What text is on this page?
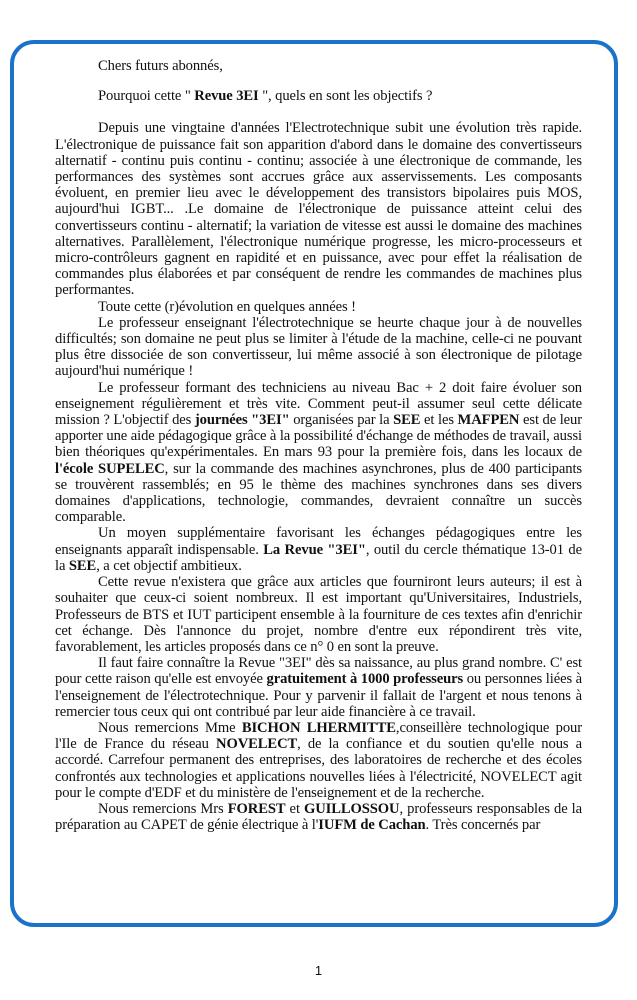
Chers futurs abonnés,

Pourquoi cette " Revue 3EI ", quels en sont les objectifs ?

Depuis une vingtaine d'années l'Electrotechnique subit une évolution très rapide. L'électronique de puissance fait son apparition d'abord dans le domaine des convertisseurs alternatif - continu puis continu - continu; associée à une électronique de commande, les performances des systèmes sont accrues grâce aux asservissements. Les composants évoluent, en premier lieu avec le développement des transistors bipolaires puis MOS, aujourd'hui IGBT... .Le domaine de l'électronique de puissance atteint celui des convertisseurs continu - alternatif; la variation de vitesse est aussi le domaine des machines alternatives. Parallèlement, l'électronique numérique progresse, les micro-processeurs et micro-contrôleurs gagnent en rapidité et en puissance, avec pour effet la réalisation de commandes plus élaborées et par conséquent de rendre les commandes de machines plus performantes.

Toute cette (r)évolution en quelques années !

Le professeur enseignant l'électrotechnique se heurte chaque jour à de nouvelles difficultés; son domaine ne peut plus se limiter à l'étude de la machine, celle-ci ne pouvant plus être dissociée de son convertisseur, lui même associé à son électronique de pilotage aujourd'hui numérique !

Le professeur formant des techniciens au niveau Bac + 2 doit faire évoluer son enseignement régulièrement et très vite. Comment peut-il assumer seul cette délicate mission ? L'objectif des journées "3EI" organisées par la SEE et les MAFPEN est de leur apporter une aide pédagogique grâce à la possibilité d'échange de méthodes de travail, aussi bien théoriques qu'expérimentales. En mars 93 pour la première fois, dans les locaux de l'école SUPELEC, sur la commande des machines asynchrones, plus de 400 participants se trouvèrent rassemblés; en 95 le thème des machines synchrones dans ses divers domaines d'applications, technologie, commandes, devraient connaître un succès comparable.

Un moyen supplémentaire favorisant les échanges pédagogiques entre les enseignants apparaît indispensable. La Revue "3EI", outil du cercle thématique 13-01 de la SEE, a cet objectif ambitieux.

Cette revue n'existera que grâce aux articles que fourniront leurs auteurs; il est à souhaiter que ceux-ci soient nombreux. Il est important qu'Universitaires, Industriels, Professeurs de BTS et IUT participent ensemble à la fourniture de ces textes afin d'enrichir cet échange. Dès l'annonce du projet, nombre d'entre eux répondirent très vite, favorablement, les articles proposés dans ce n° 0 en sont la preuve.

Il faut faire connaître la Revue "3EI" dès sa naissance, au plus grand nombre. C' est pour cette raison qu'elle est envoyée gratuitement à 1000 professeurs ou personnes liées à l'enseignement de l'électrotechnique. Pour y parvenir il fallait de l'argent et nous tenons à remercier tous ceux qui ont contribué par leur aide financière à ce travail.

Nous remercions Mme BICHON LHERMITTE,conseillère technologique pour l'Ile de France du réseau NOVELECT, de la confiance et du soutien qu'elle nous a accordé. Carrefour permanent des entreprises, des laboratoires de recherche et des écoles confrontés aux technologies et applications nouvelles liées à l'électricité, NOVELECT agit pour le compte d'EDF et du ministère de l'enseignement et de la recherche.

Nous remercions Mrs FOREST et GUILLOSSOU, professeurs responsables de la préparation au CAPET de génie électrique à l'IUFM de Cachan. Très concernés par

1
